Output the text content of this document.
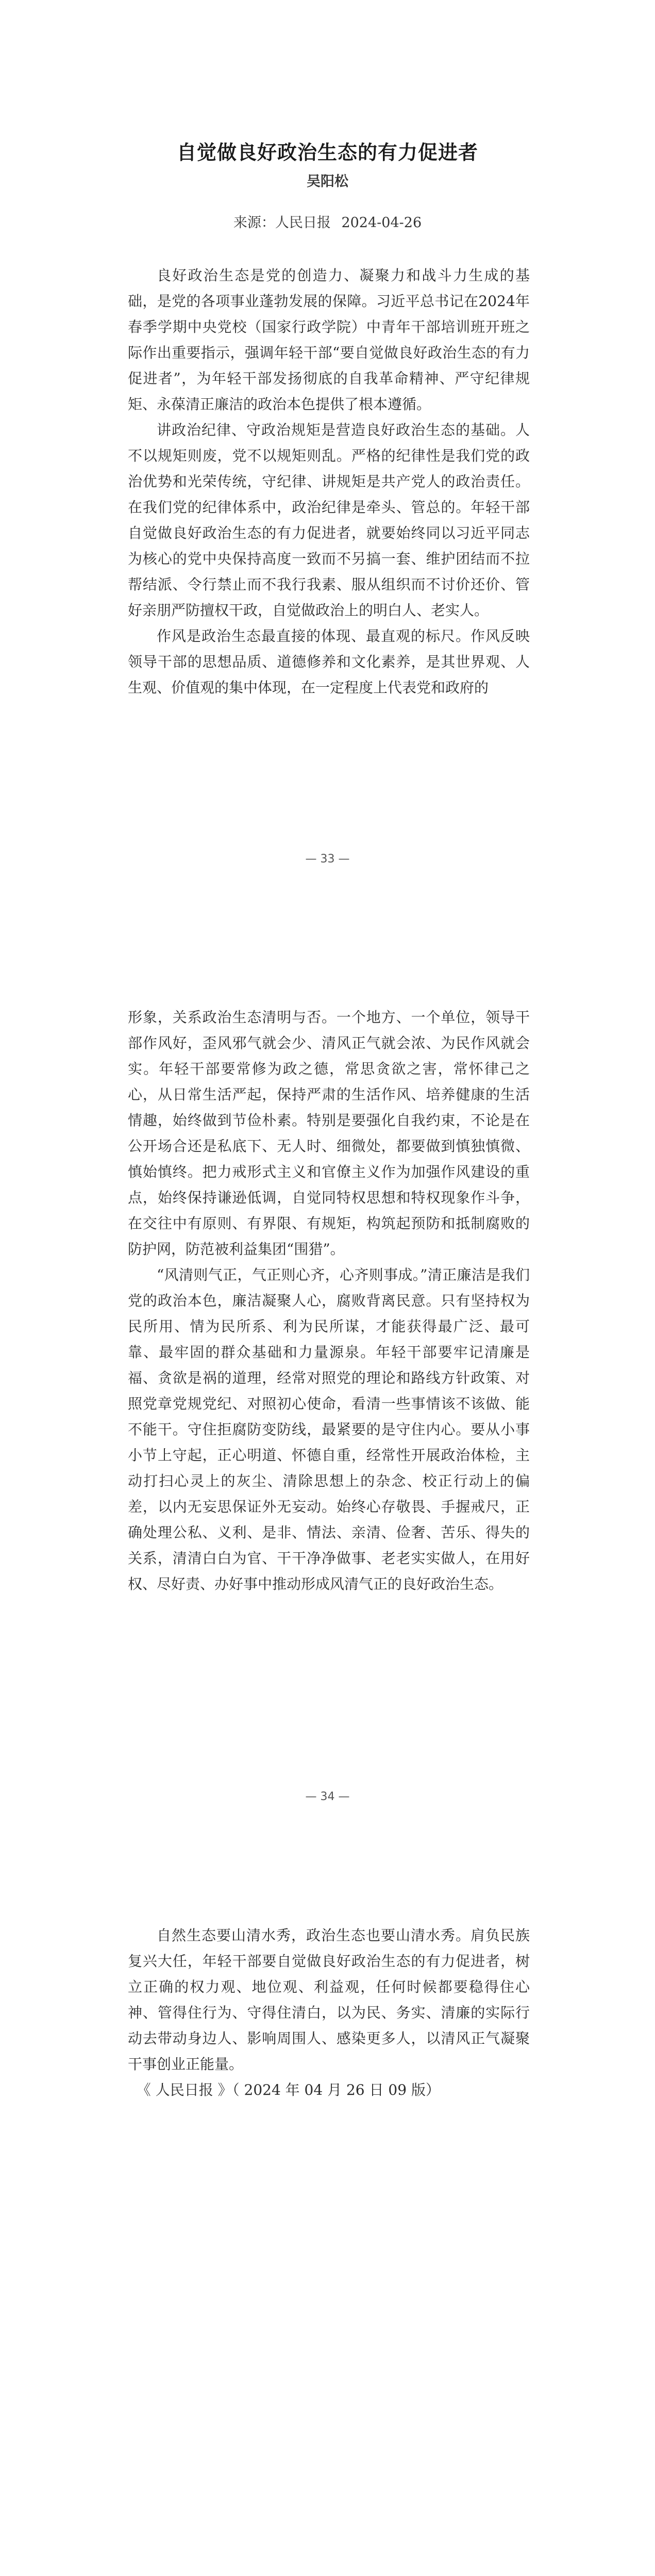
自觉做良好政治生态的有力促进者
吴阳松
来源：人民日报 2024-04-26

良好政治生态是党的创造力、凝聚力和战斗力生成的基础，是党的各项事业蓬勃发展的保障。习近平总书记在2024年春季学期中央党校（国家行政学院）中青年干部培训班开班之际作出重要指示，强调年轻干部“要自觉做良好政治生态的有力促进者”，为年轻干部发扬彻底的自我革命精神、严守纪律规矩、永葆清正廉洁的政治本色提供了根本遵循。

讲政治纪律、守政治规矩是营造良好政治生态的基础。人不以规矩则废，党不以规矩则乱。严格的纪律性是我们党的政治优势和光荣传统，守纪律、讲规矩是共产党人的政治责任。在我们党的纪律体系中，政治纪律是牵头、管总的。年轻干部自觉做良好政治生态的有力促进者，就要始终同以习近平同志为核心的党中央保持高度一致而不另搞一套、维护团结而不拉帮结派、令行禁止而不我行我素、服从组织而不讨价还价、管好亲朋严防擅权干政，自觉做政治上的明白人、老实人。

作风是政治生态最直接的体现、最直观的标尺。作风反映领导干部的思想品质、道德修养和文化素养，是其世界观、人生观、价值观的集中体现，在一定程度上代表党和政府的

— 33 —

形象，关系政治生态清明与否。一个地方、一个单位，领导干部作风好，歪风邪气就会少、清风正气就会浓、为民作风就会实。年轻干部要常修为政之德，常思贪欲之害，常怀律己之心，从日常生活严起，保持严肃的生活作风、培养健康的生活情趣，始终做到节俭朴素。特别是要强化自我约束，不论是在公开场合还是私底下、无人时、细微处，都要做到慎独慎微、慎始慎终。把力戒形式主义和官僚主义作为加强作风建设的重点，始终保持谦逊低调，自觉同特权思想和特权现象作斗争，在交往中有原则、有界限、有规矩，构筑起预防和抵制腐败的防护网，防范被利益集团“围猎”。

“风清则气正，气正则心齐，心齐则事成。”清正廉洁是我们党的政治本色，廉洁凝聚人心，腐败背离民意。只有坚持权为民所用、情为民所系、利为民所谋，才能获得最广泛、最可靠、最牢固的群众基础和力量源泉。年轻干部要牢记清廉是福、贪欲是祸的道理，经常对照党的理论和路线方针政策、对照党章党规党纪、对照初心使命，看清一些事情该不该做、能不能干。守住拒腐防变防线，最紧要的是守住内心。要从小事小节上守起，正心明道、怀德自重，经常性开展政治体检，主动打扫心灵上的灰尘、清除思想上的杂念、校正行动上的偏差，以内无妄思保证外无妄动。始终心存敬畏、手握戒尺，正确处理公私、义利、是非、情法、亲清、俭奢、苦乐、得失的关系，清清白白为官、干干净净做事、老老实实做人，在用好权、尽好责、办好事中推动形成风清气正的良好政治生态。

— 34 —

自然生态要山清水秀，政治生态也要山清水秀。肩负民族复兴大任，年轻干部要自觉做良好政治生态的有力促进者，树立正确的权力观、地位观、利益观，任何时候都要稳得住心神、管得住行为、守得住清白，以为民、务实、清廉的实际行动去带动身边人、影响周围人、感染更多人，以清风正气凝聚干事创业正能量。

《 人民日报 》（ 2024 年 04 月 26 日 09 版）
